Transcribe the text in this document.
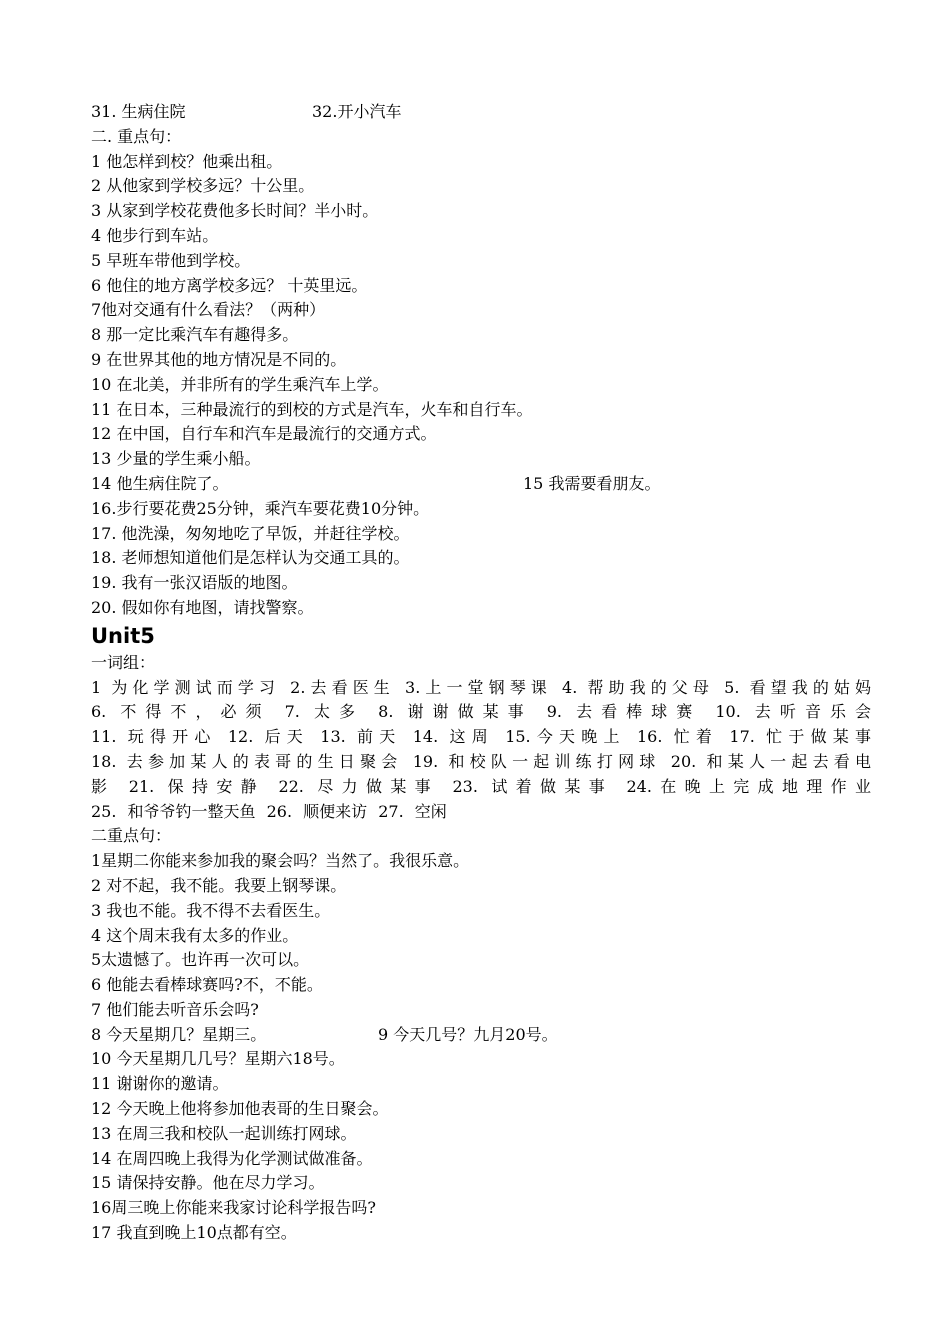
31. 生病住院

	32.开小汽车

二. 重点句：
1 他怎样到校？他乘出租。
2 从他家到学校多远？十公里。
3 从家到学校花费他多长时间？半小时。
4 他步行到车站。
5 早班车带他到学校。
6 他住的地方离学校多远？ 十英里远。
7他对交通有什么看法？（两种）
8 那一定比乘汽车有趣得多。
9 在世界其他的地方情况是不同的。
10 在北美，并非所有的学生乘汽车上学。
11 在日本，三种最流行的到校的方式是汽车，火车和自行车。
12 在中国，自行车和汽车是最流行的交通方式。
13 少量的学生乘小船。

14 他生病住院了。

	15 我需要看朋友。

16.步行要花费25分钟，乘汽车要花费10分钟。
17. 他洗澡，匆匆地吃了早饭，并赶往学校。
18. 老师想知道他们是怎样认为交通工具的。
19. 我有一张汉语版的地图。
20. 假如你有地图，请找警察。
Unit5
一词组：
1 为化学测试而学习 2.去看医生 3.上一堂钢琴课 4. 帮助我的父母 5. 看望我的姑妈
6. 不得不，必须 7. 太多 8. 谢谢做某事 9. 去看棒球赛 10. 去听音乐会
11. 玩得开心 12. 后天 13. 前天 14. 这周 15.今天晚上 16. 忙着 17. 忙于做某事
18. 去参加某人的表哥的生日聚会 19. 和校队一起训练打网球 20. 和某人一起去看电
影 21. 保持安静 22. 尽力做某事 23. 试着做某事 24.在晚上完成地理作业
25. 和爷爷钓一整天鱼 26. 顺便来访 27. 空闲
二重点句：
1星期二你能来参加我的聚会吗？当然了。我很乐意。
2 对不起，我不能。我要上钢琴课。
3 我也不能。我不得不去看医生。
4 这个周末我有太多的作业。
5太遗憾了。也许再一次可以。
6 他能去看棒球赛吗?不，不能。
7 他们能去听音乐会吗?

8 今天星期几？星期三。

	9 今天几号？九月20号。

10 今天星期几几号？星期六18号。
11 谢谢你的邀请。
12 今天晚上他将参加他表哥的生日聚会。
13 在周三我和校队一起训练打网球。
14 在周四晚上我得为化学测试做准备。
15 请保持安静。他在尽力学习。
16周三晚上你能来我家讨论科学报告吗?
17 我直到晚上10点都有空。
